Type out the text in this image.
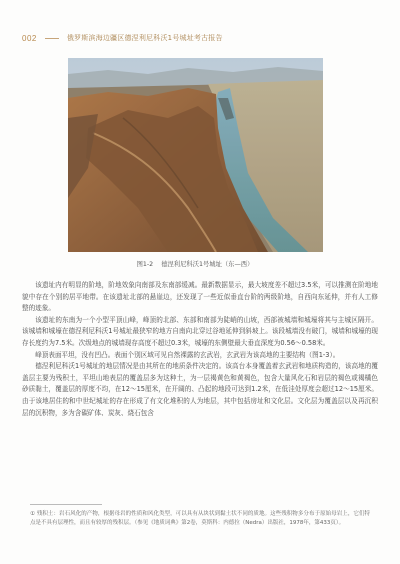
002	俄罗斯滨海边疆区德涅利尼科沃1号城址考古报告
图1-2 德涅利尼科沃1号城址（东—西）

该遗址内有明显的阶地，阶地效象向南部及东南部缓减。最新数据显示，最大坡度差不超过3.5米，可以推测在阶地地貌中存在个别的居平地带。在该遗址北部的悬崖边，还发现了一些近似垂直台阶的两级阶地，自西向东延伸，并有人工修整的迹象。

该遗址的东南为一个小型平顶山峰，峰顶的北部、东部和南部为陡峭的山坡，西部被城墙和城壕将其与主城区隔开。该城墙和城壕在德涅利尼科沃1号城址最狭窄的地方自南向北穿过谷地延伸到斜坡上。该段城墙没有破门，城墙和城壕的现存长度约为7.5米。次级地点的城墙现存高度不超过0.3米，城壕的东侧壁最大垂直深度为0.56～0.58米。

峰顶表面平坦，没有凹凸。表面个别区域可见自然裸露的玄武岩，玄武岩为该高地的主要结构（图1-3）。

德涅利尼科沃1号城址的地层情况是由其所在的地质条件决定的。该高台本身覆盖着玄武岩和地质构造的，该高地的覆盖层主要为残积土，平坦山地表层的覆盖层多为这种土，为一层褐黄色和黄褐色，包含大量风化石和岩层的褐色或褐橘色砂质黏土，覆盖层的厚度不均，在12～15厘米，在开阔的、凸起的地段可达到1.2米，在低洼处厚度会超过12～15厘米。由于该地居住的和中世纪城址的存在形成了有文化堆积的人为地层，其中包括房址和文化层。文化层为覆盖层以及再沉积层的沉积物，多为含碳矿体、炭灰、烧石包含

① 残积土：岩石风化的产物，根据母岩的性质和风化类型，可以具有从块状到黏土状不同的质地。这些残积物多分布于原始母岩上，它们特点是不具有层理性，而且有较厚的残积层。（参见《地质词典》第2卷，莫斯科：内德拉（Nedra）出版社，1978年，第433页）。
